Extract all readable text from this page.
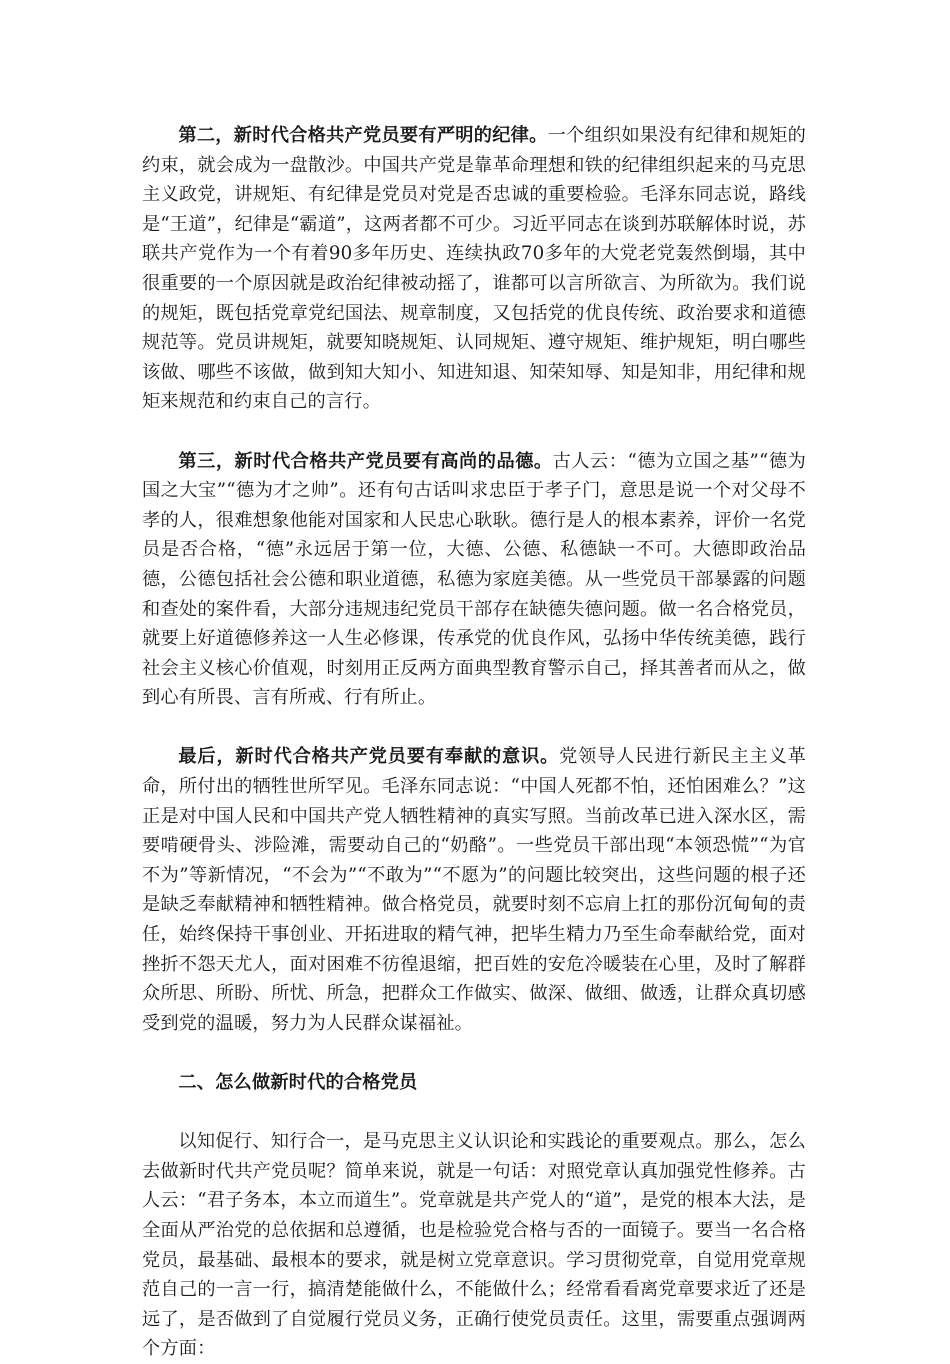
第二，新时代合格共产党员要有严明的纪律。一个组织如果没有纪律和规矩的约束，就会成为一盘散沙。中国共产党是靠革命理想和铁的纪律组织起来的马克思主义政党，讲规矩、有纪律是党员对党是否忠诚的重要检验。毛泽东同志说，路线是“王道”，纪律是“霸道”，这两者都不可少。习近平同志在谈到苏联解体时说，苏联共产党作为一个有着90多年历史、连续执政70多年的大党老党轰然倒塌，其中很重要的一个原因就是政治纪律被动摇了，谁都可以言所欲言、为所欲为。我们说的规矩，既包括党章党纪国法、规章制度，又包括党的优良传统、政治要求和道德规范等。党员讲规矩，就要知晓规矩、认同规矩、遵守规矩、维护规矩，明白哪些该做、哪些不该做，做到知大知小、知进知退、知荣知辱、知是知非，用纪律和规矩来规范和约束自己的言行。

第三，新时代合格共产党员要有高尚的品德。古人云：“德为立国之基”“德为国之大宝”“德为才之帅”。还有句古话叫求忠臣于孝子门，意思是说一个对父母不孝的人，很难想象他能对国家和人民忠心耿耿。德行是人的根本素养，评价一名党员是否合格，“德”永远居于第一位，大德、公德、私德缺一不可。大德即政治品德，公德包括社会公德和职业道德，私德为家庭美德。从一些党员干部暴露的问题和查处的案件看，大部分违规违纪党员干部存在缺德失德问题。做一名合格党员，就要上好道德修养这一人生必修课，传承党的优良作风，弘扬中华传统美德，践行社会主义核心价值观，时刻用正反两方面典型教育警示自己，择其善者而从之，做到心有所畏、言有所戒、行有所止。

最后，新时代合格共产党员要有奉献的意识。党领导人民进行新民主主义革命，所付出的牺牲世所罕见。毛泽东同志说：“中国人死都不怕，还怕困难么？”这正是对中国人民和中国共产党人牺牲精神的真实写照。当前改革已进入深水区，需要啃硬骨头、涉险滩，需要动自己的“奶酪”。一些党员干部出现“本领恐慌”“为官不为”等新情况，“不会为”“不敢为”“不愿为”的问题比较突出，这些问题的根子还是缺乏奉献精神和牺牲精神。做合格党员，就要时刻不忘肩上扛的那份沉甸甸的责任，始终保持干事创业、开拓进取的精气神，把毕生精力乃至生命奉献给党，面对挫折不怨天尤人，面对困难不彷徨退缩，把百姓的安危冷暖装在心里，及时了解群众所思、所盼、所忧、所急，把群众工作做实、做深、做细、做透，让群众真切感受到党的温暖，努力为人民群众谋福祉。

二、怎么做新时代的合格党员

以知促行、知行合一，是马克思主义认识论和实践论的重要观点。那么，怎么去做新时代共产党员呢？简单来说，就是一句话：对照党章认真加强党性修养。古人云：“君子务本，本立而道生”。党章就是共产党人的“道”，是党的根本大法，是全面从严治党的总依据和总遵循，也是检验党合格与否的一面镜子。要当一名合格党员，最基础、最根本的要求，就是树立党章意识。学习贯彻党章，自觉用党章规范自己的一言一行，搞清楚能做什么，不能做什么；经常看看离党章要求近了还是远了，是否做到了自觉履行党员义务，正确行使党员责任。这里，需要重点强调两个方面：
